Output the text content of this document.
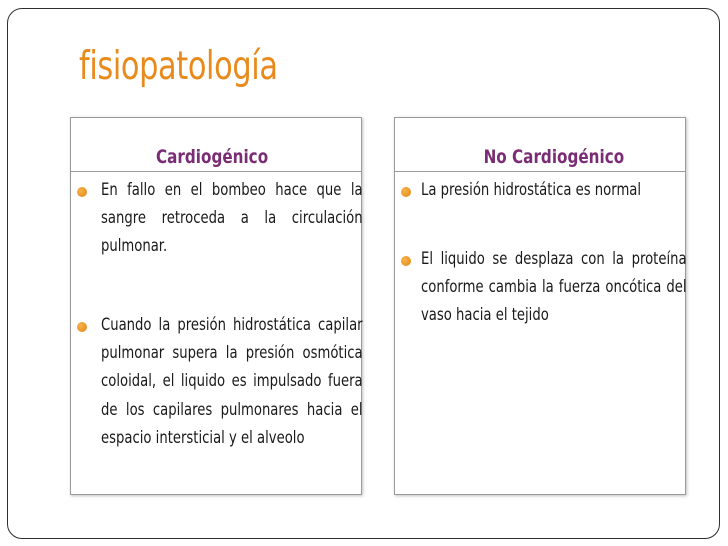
fisiopatología
Cardiogénico
En fallo en el bombeo hace que la sangre retroceda a la circulación pulmonar.
Cuando la presión hidrostática capilar pulmonar supera la presión osmótica coloidal, el liquido es impulsado fuera de los capilares pulmonares hacia el espacio intersticial y el alveolo
No Cardiogénico
La presión hidrostática es normal
El liquido se desplaza con la proteína conforme cambia la fuerza oncótica del vaso hacia el tejido
